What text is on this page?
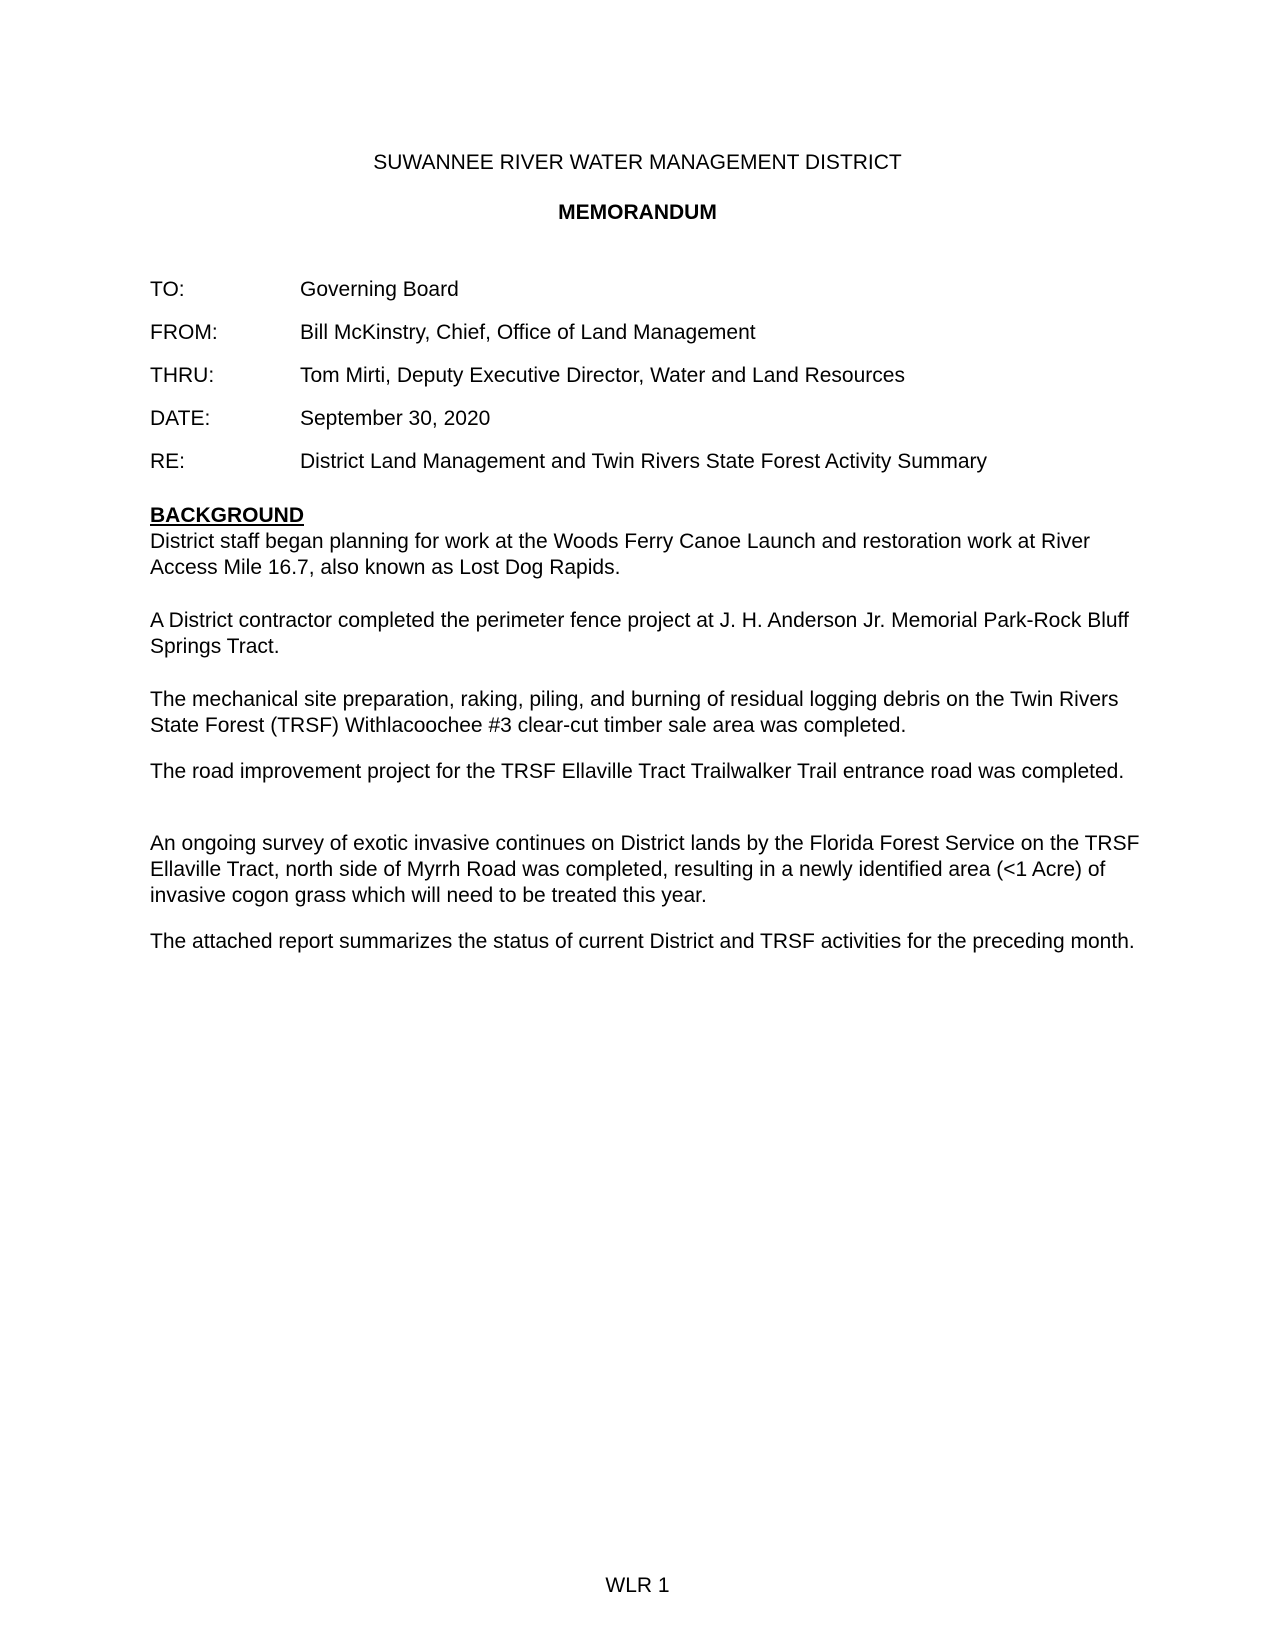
SUWANNEE RIVER WATER MANAGEMENT DISTRICT
MEMORANDUM
TO:	Governing Board
FROM:	Bill McKinstry, Chief, Office of Land Management
THRU:	Tom Mirti, Deputy Executive Director, Water and Land Resources
DATE:	September 30, 2020
RE:	District Land Management and Twin Rivers State Forest Activity Summary
BACKGROUND

District staff began planning for work at the Woods Ferry Canoe Launch and restoration work at River Access Mile 16.7, also known as Lost Dog Rapids.

A District contractor completed the perimeter fence project at J. H. Anderson Jr. Memorial Park-Rock Bluff Springs Tract.

The mechanical site preparation, raking, piling, and burning of residual logging debris on the Twin Rivers State Forest (TRSF) Withlacoochee #3 clear-cut timber sale area was completed.

The road improvement project for the TRSF Ellaville Tract Trailwalker Trail entrance road was completed.

An ongoing survey of exotic invasive continues on District lands by the Florida Forest Service on the TRSF Ellaville Tract, north side of Myrrh Road was completed, resulting in a newly identified area (<1 Acre) of invasive cogon grass which will need to be treated this year.

The attached report summarizes the status of current District and TRSF activities for the preceding month.

WLR 1
